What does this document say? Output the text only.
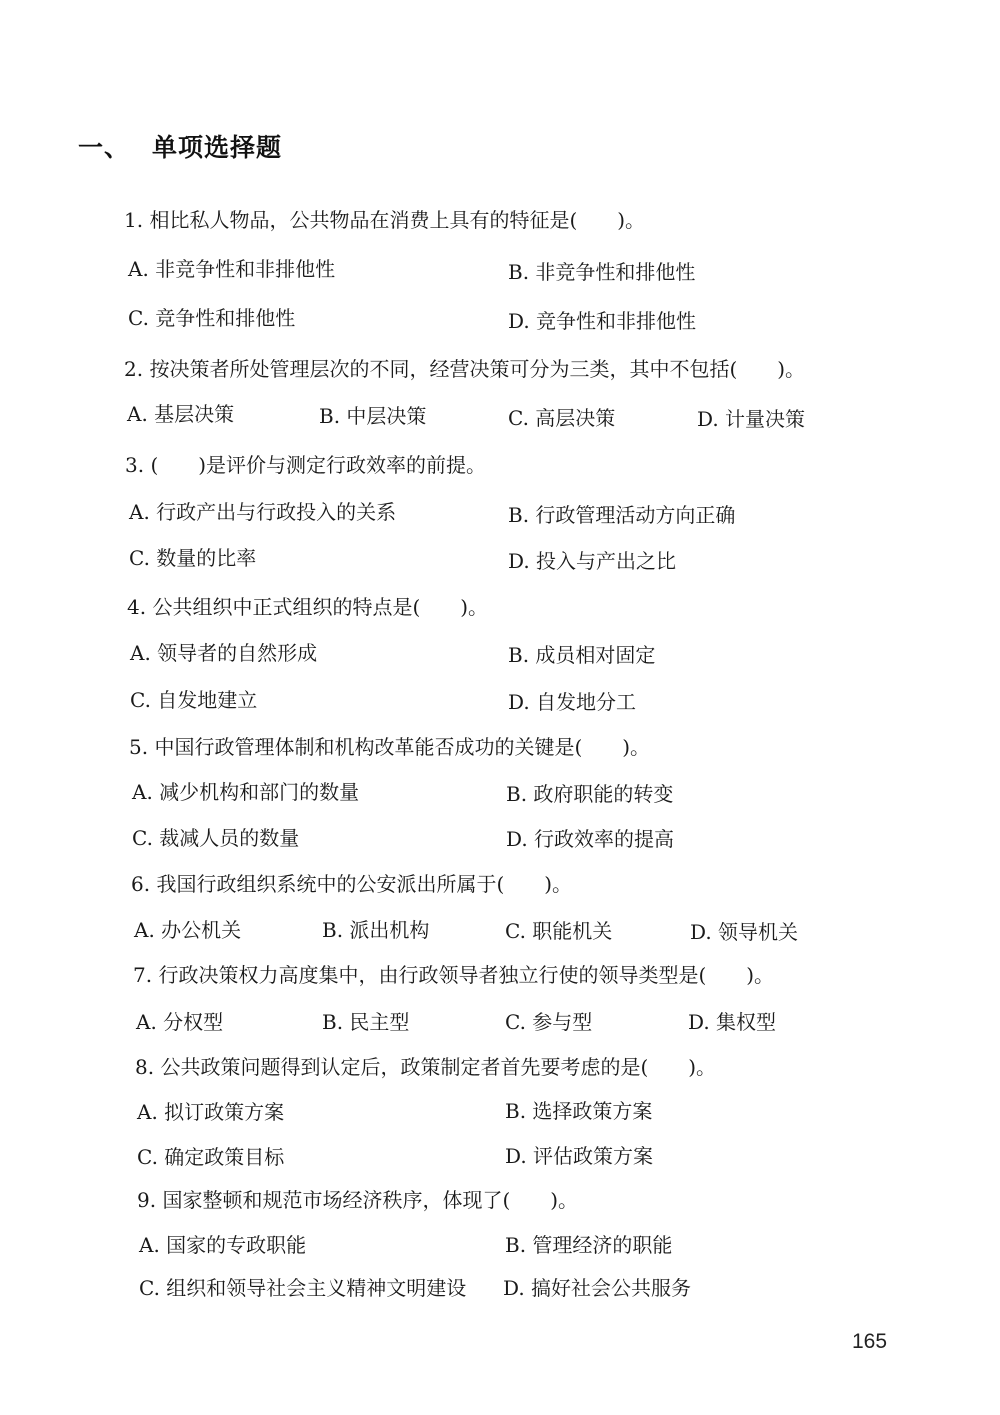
一、 单项选择题
1. 相比私人物品，公共物品在消费上具有的特征是(　　)。
A. 非竞争性和非排他性	B. 非竞争性和排他性
C. 竞争性和排他性	D. 竞争性和非排他性
2. 按决策者所处管理层次的不同，经营决策可分为三类，其中不包括(　　)。
A. 基层决策	B. 中层决策	C. 高层决策	D. 计量决策
3. (　　)是评价与测定行政效率的前提。
A. 行政产出与行政投入的关系	B. 行政管理活动方向正确
C. 数量的比率	D. 投入与产出之比
4. 公共组织中正式组织的特点是(　　)。
A. 领导者的自然形成	B. 成员相对固定
C. 自发地建立	D. 自发地分工
5. 中国行政管理体制和机构改革能否成功的关键是(　　)。
A. 减少机构和部门的数量	B. 政府职能的转变
C. 裁减人员的数量	D. 行政效率的提高
6. 我国行政组织系统中的公安派出所属于(　　)。
A. 办公机关	B. 派出机构	C. 职能机关	D. 领导机关
7. 行政决策权力高度集中，由行政领导者独立行使的领导类型是(　　)。
A. 分权型	B. 民主型	C. 参与型	D. 集权型
8. 公共政策问题得到认定后，政策制定者首先要考虑的是(　　)。
A. 拟订政策方案	B. 选择政策方案
C. 确定政策目标	D. 评估政策方案
9. 国家整顿和规范市场经济秩序，体现了(　　)。
A. 国家的专政职能	B. 管理经济的职能
C. 组织和领导社会主义精神文明建设 D. 搞好社会公共服务
165
